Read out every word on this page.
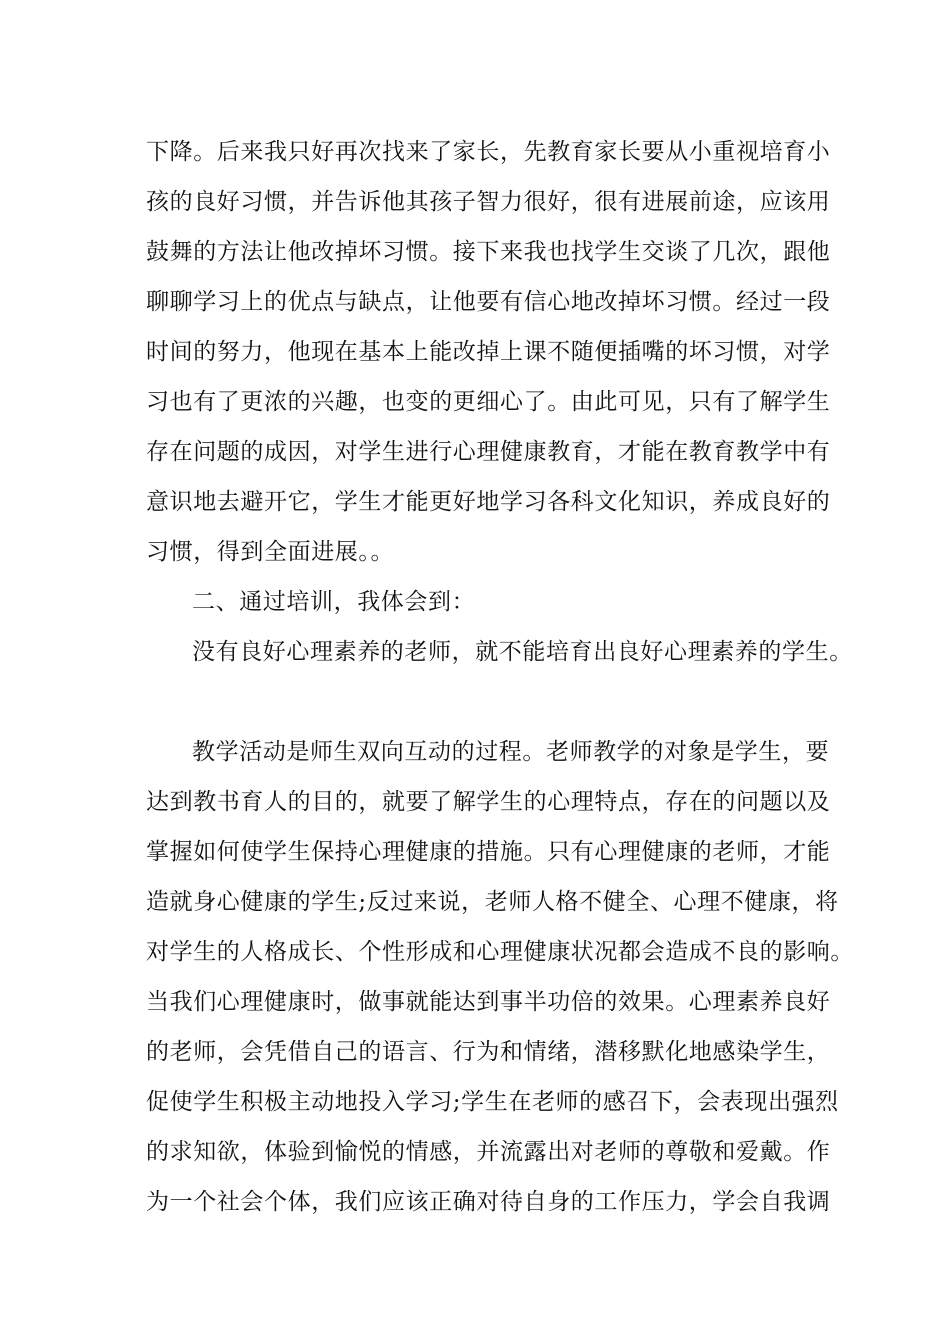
下降。后来我只好再次找来了家长，先教育家长要从小重视培育小
孩的良好习惯，并告诉他其孩子智力很好，很有进展前途，应该用
鼓舞的方法让他改掉坏习惯。接下来我也找学生交谈了几次，跟他
聊聊学习上的优点与缺点，让他要有信心地改掉坏习惯。经过一段
时间的努力，他现在基本上能改掉上课不随便插嘴的坏习惯，对学
习也有了更浓的兴趣，也变的更细心了。由此可见，只有了解学生
存在问题的成因，对学生进行心理健康教育，才能在教育教学中有
意识地去避开它，学生才能更好地学习各科文化知识，养成良好的
习惯，得到全面进展。。
二、通过培训，我体会到：
没有良好心理素养的老师，就不能培育出良好心理素养的学生。
教学活动是师生双向互动的过程。老师教学的对象是学生，要
达到教书育人的目的，就要了解学生的心理特点，存在的问题以及
掌握如何使学生保持心理健康的措施。只有心理健康的老师，才能
造就身心健康的学生;反过来说，老师人格不健全、心理不健康，将
对学生的人格成长、个性形成和心理健康状况都会造成不良的影响。
当我们心理健康时，做事就能达到事半功倍的效果。心理素养良好
的老师，会凭借自己的语言、行为和情绪，潜移默化地感染学生，
促使学生积极主动地投入学习;学生在老师的感召下，会表现出强烈
的求知欲，体验到愉悦的情感，并流露出对老师的尊敬和爱戴。作
为一个社会个体，我们应该正确对待自身的工作压力，学会自我调
